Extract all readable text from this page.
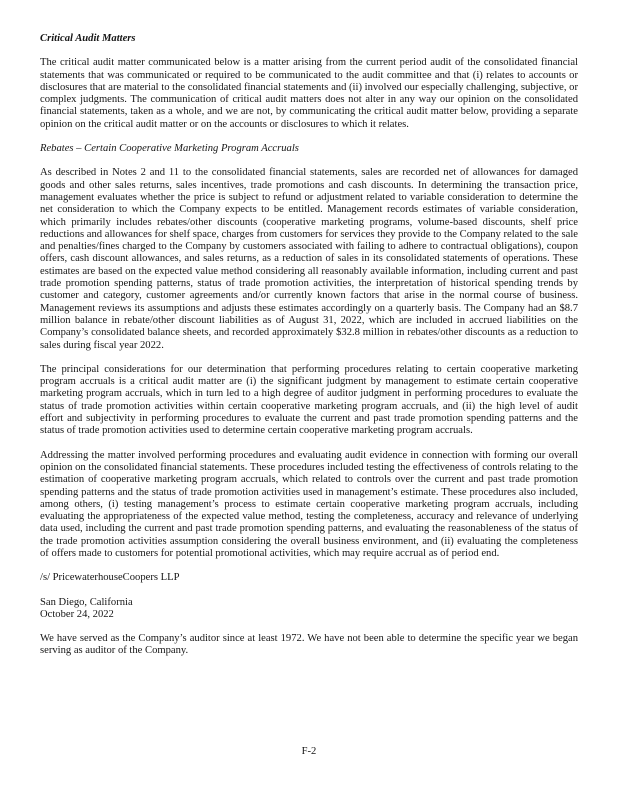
Critical Audit Matters

The critical audit matter communicated below is a matter arising from the current period audit of the consolidated financial statements that was communicated or required to be communicated to the audit committee and that (i) relates to accounts or disclosures that are material to the consolidated financial statements and (ii) involved our especially challenging, subjective, or complex judgments. The communication of critical audit matters does not alter in any way our opinion on the consolidated financial statements, taken as a whole, and we are not, by communicating the critical audit matter below, providing a separate opinion on the critical audit matter or on the accounts or disclosures to which it relates.

Rebates – Certain Cooperative Marketing Program Accruals

As described in Notes 2 and 11 to the consolidated financial statements, sales are recorded net of allowances for damaged goods and other sales returns, sales incentives, trade promotions and cash discounts. In determining the transaction price, management evaluates whether the price is subject to refund or adjustment related to variable consideration to determine the net consideration to which the Company expects to be entitled. Management records estimates of variable consideration, which primarily includes rebates/other discounts (cooperative marketing programs, volume-based discounts, shelf price reductions and allowances for shelf space, charges from customers for services they provide to the Company related to the sale and penalties/fines charged to the Company by customers associated with failing to adhere to contractual obligations), coupon offers, cash discount allowances, and sales returns, as a reduction of sales in its consolidated statements of operations. These estimates are based on the expected value method considering all reasonably available information, including current and past trade promotion spending patterns, status of trade promotion activities, the interpretation of historical spending trends by customer and category, customer agreements and/or currently known factors that arise in the normal course of business. Management reviews its assumptions and adjusts these estimates accordingly on a quarterly basis. The Company had an $8.7 million balance in rebate/other discount liabilities as of August 31, 2022, which are included in accrued liabilities on the Company’s consolidated balance sheets, and recorded approximately $32.8 million in rebates/other discounts as a reduction to sales during fiscal year 2022.

The principal considerations for our determination that performing procedures relating to certain cooperative marketing program accruals is a critical audit matter are (i) the significant judgment by management to estimate certain cooperative marketing program accruals, which in turn led to a high degree of auditor judgment in performing procedures to evaluate the status of trade promotion activities within certain cooperative marketing program accruals, and (ii) the high level of audit effort and subjectivity in performing procedures to evaluate the current and past trade promotion spending patterns and the status of trade promotion activities used to determine certain cooperative marketing program accruals.

Addressing the matter involved performing procedures and evaluating audit evidence in connection with forming our overall opinion on the consolidated financial statements. These procedures included testing the effectiveness of controls relating to the estimation of cooperative marketing program accruals, which related to controls over the current and past trade promotion spending patterns and the status of trade promotion activities used in management’s estimate. These procedures also included, among others, (i) testing management’s process to estimate certain cooperative marketing program accruals, including evaluating the appropriateness of the expected value method, testing the completeness, accuracy and relevance of underlying data used, including the current and past trade promotion spending patterns, and evaluating the reasonableness of the status of the trade promotion activities assumption considering the overall business environment, and (ii) evaluating the completeness of offers made to customers for potential promotional activities, which may require accrual as of period end.

/s/ PricewaterhouseCoopers LLP

San Diego, California

October 24, 2022

We have served as the Company’s auditor since at least 1972. We have not been able to determine the specific year we began serving as auditor of the Company.

F-2
